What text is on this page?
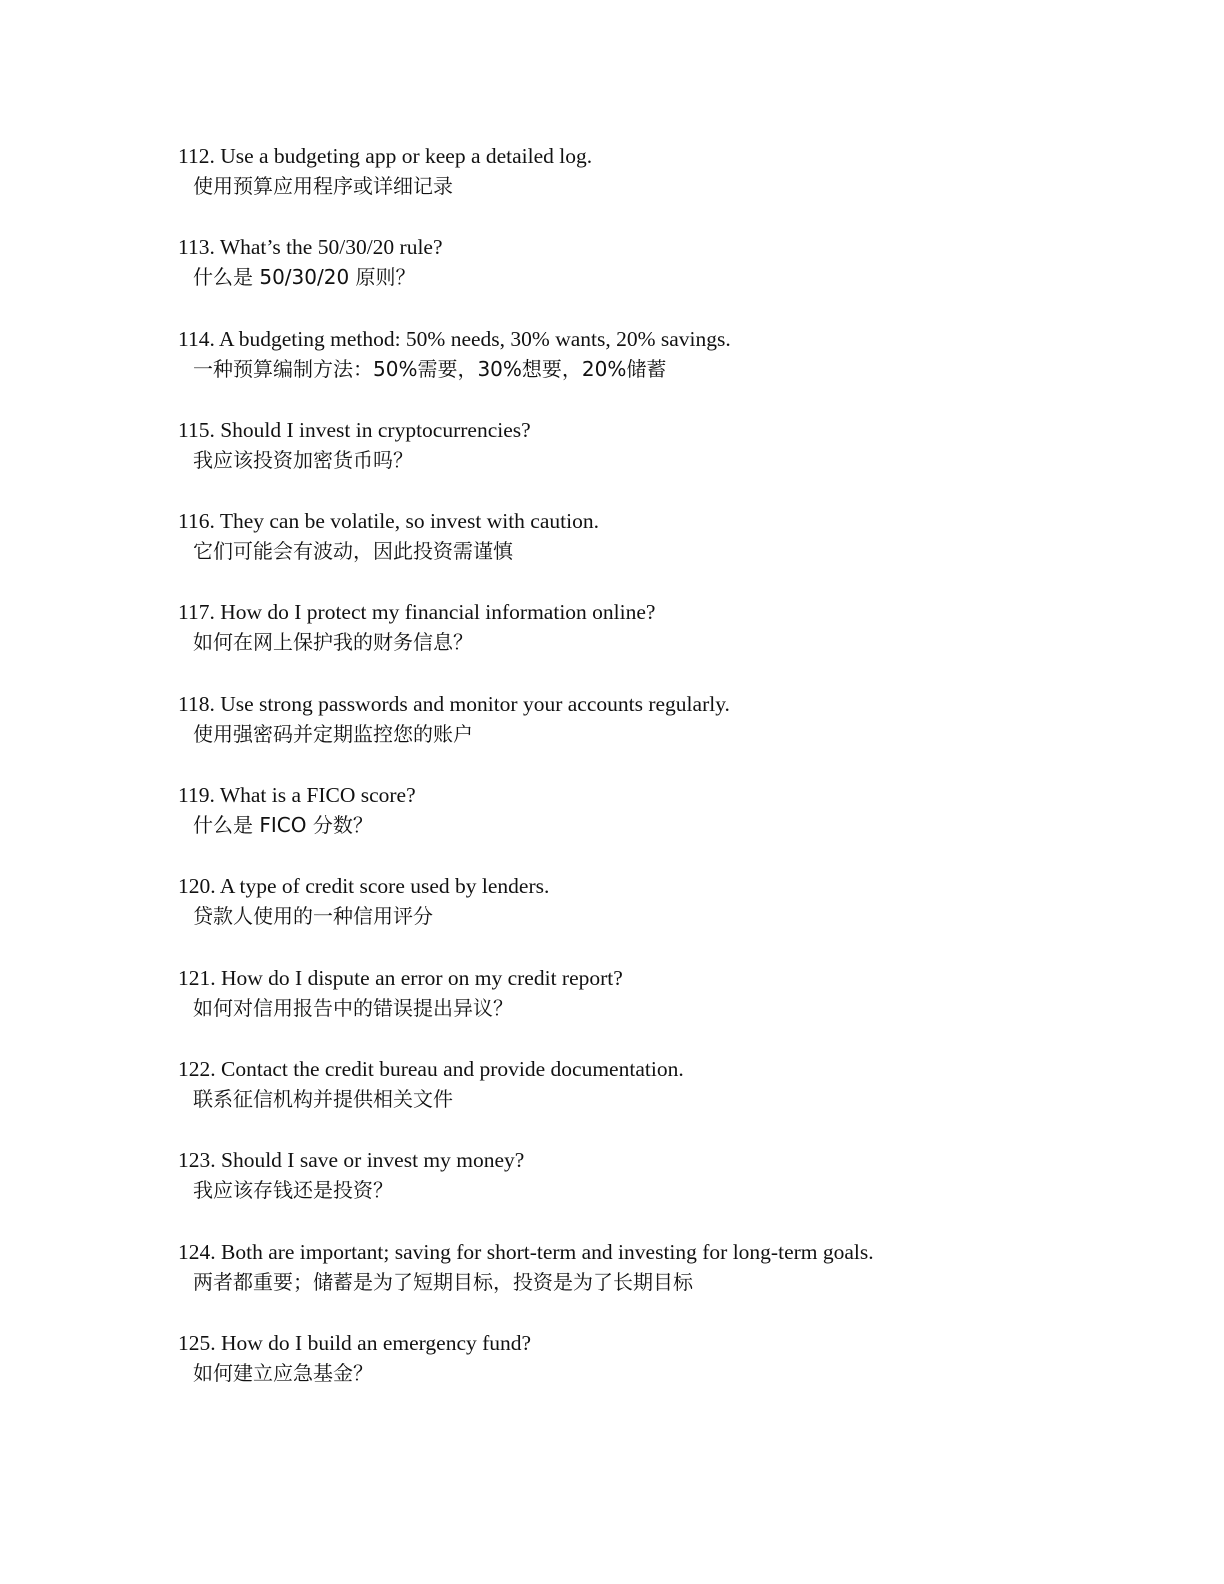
112. Use a budgeting app or keep a detailed log.
使用预算应用程序或详细记录
113. What’s the 50/30/20 rule?
什么是 50/30/20 原则？
114. A budgeting method: 50% needs, 30% wants, 20% savings.
一种预算编制方法：50%需要，30%想要，20%储蓄
115. Should I invest in cryptocurrencies?
我应该投资加密货币吗？
116. They can be volatile, so invest with caution.
它们可能会有波动，因此投资需谨慎
117. How do I protect my financial information online?
如何在网上保护我的财务信息？
118. Use strong passwords and monitor your accounts regularly.
使用强密码并定期监控您的账户
119. What is a FICO score?
什么是 FICO 分数？
120. A type of credit score used by lenders.
贷款人使用的一种信用评分
121. How do I dispute an error on my credit report?
如何对信用报告中的错误提出异议？
122. Contact the credit bureau and provide documentation.
联系征信机构并提供相关文件
123. Should I save or invest my money?
我应该存钱还是投资？
124. Both are important; saving for short-term and investing for long-term goals.
两者都重要；储蓄是为了短期目标，投资是为了长期目标
125. How do I build an emergency fund?
如何建立应急基金？
